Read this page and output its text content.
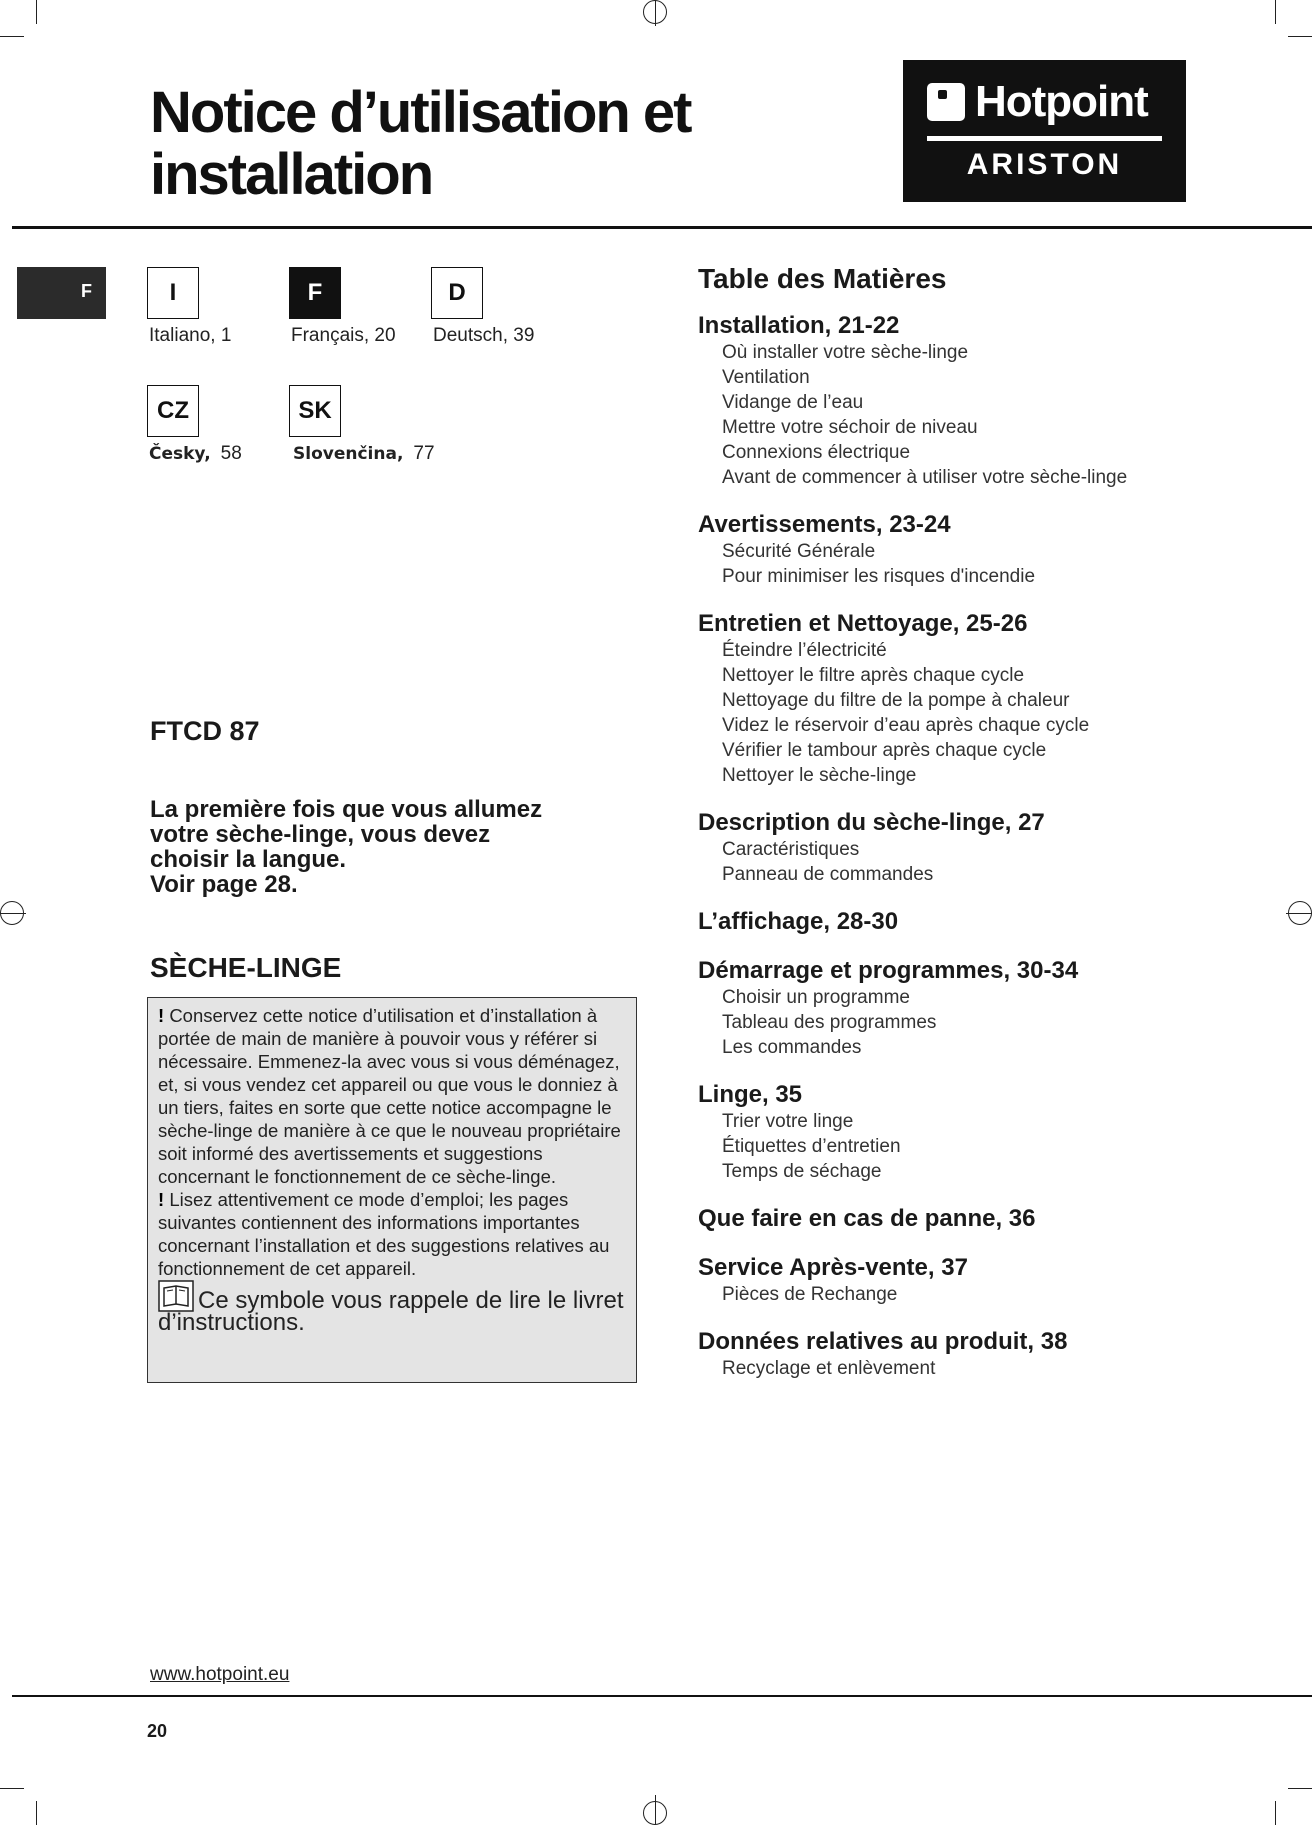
Notice d’utilisation et
installation
Hotpoint
ARISTON
F	I
Italiano, 1
F
Français, 20
D
Deutsch, 39
CZ
Česky, 58
SK
Slovenčina, 77
FTCD 87
La première fois que vous allumez
votre sèche-linge, vous devez
choisir la langue.
Voir page 28.
SÈCHE-LINGE

! Conservez cette notice d’utilisation et d’installation à portée de main de manière à pouvoir vous y référer si nécessaire. Emmenez-la avec vous si vous déménagez, et, si vous vendez cet appareil ou que vous le donniez à un tiers, faites en sorte que cette notice accompagne le sèche-linge de manière à ce que le nouveau propriétaire soit informé des avertissements et suggestions concernant le fonctionnement de ce sèche-linge.

! Lisez attentivement ce mode d’emploi; les pages suivantes contiennent des informations importantes concernant l’installation et des suggestions relatives au fonctionnement de cet appareil.

Ce symbole vous rappele de lire le livret d’instructions.

Table des Matières
Installation, 21-22
Où installer votre sèche-linge
Ventilation
Vidange de l’eau
Mettre votre séchoir de niveau
Connexions électrique
Avant de commencer à utiliser votre sèche-linge
Avertissements, 23-24
Sécurité Générale
Pour minimiser les risques d'incendie
Entretien et Nettoyage, 25-26
Éteindre l’électricité
Nettoyer le filtre après chaque cycle
Nettoyage du filtre de la pompe à chaleur
Videz le réservoir d’eau après chaque cycle
Vérifier le tambour après chaque cycle
Nettoyer le sèche-linge
Description du sèche-linge, 27
Caractéristiques
Panneau de commandes
L’affichage, 28-30
Démarrage et programmes, 30-34
Choisir un programme
Tableau des programmes
Les commandes
Linge, 35
Trier votre linge
Étiquettes d’entretien
Temps de séchage
Que faire en cas de panne, 36
Service Après-vente, 37
Pièces de Rechange
Données relatives au produit, 38
Recyclage et enlèvement
www.hotpoint.eu
20
